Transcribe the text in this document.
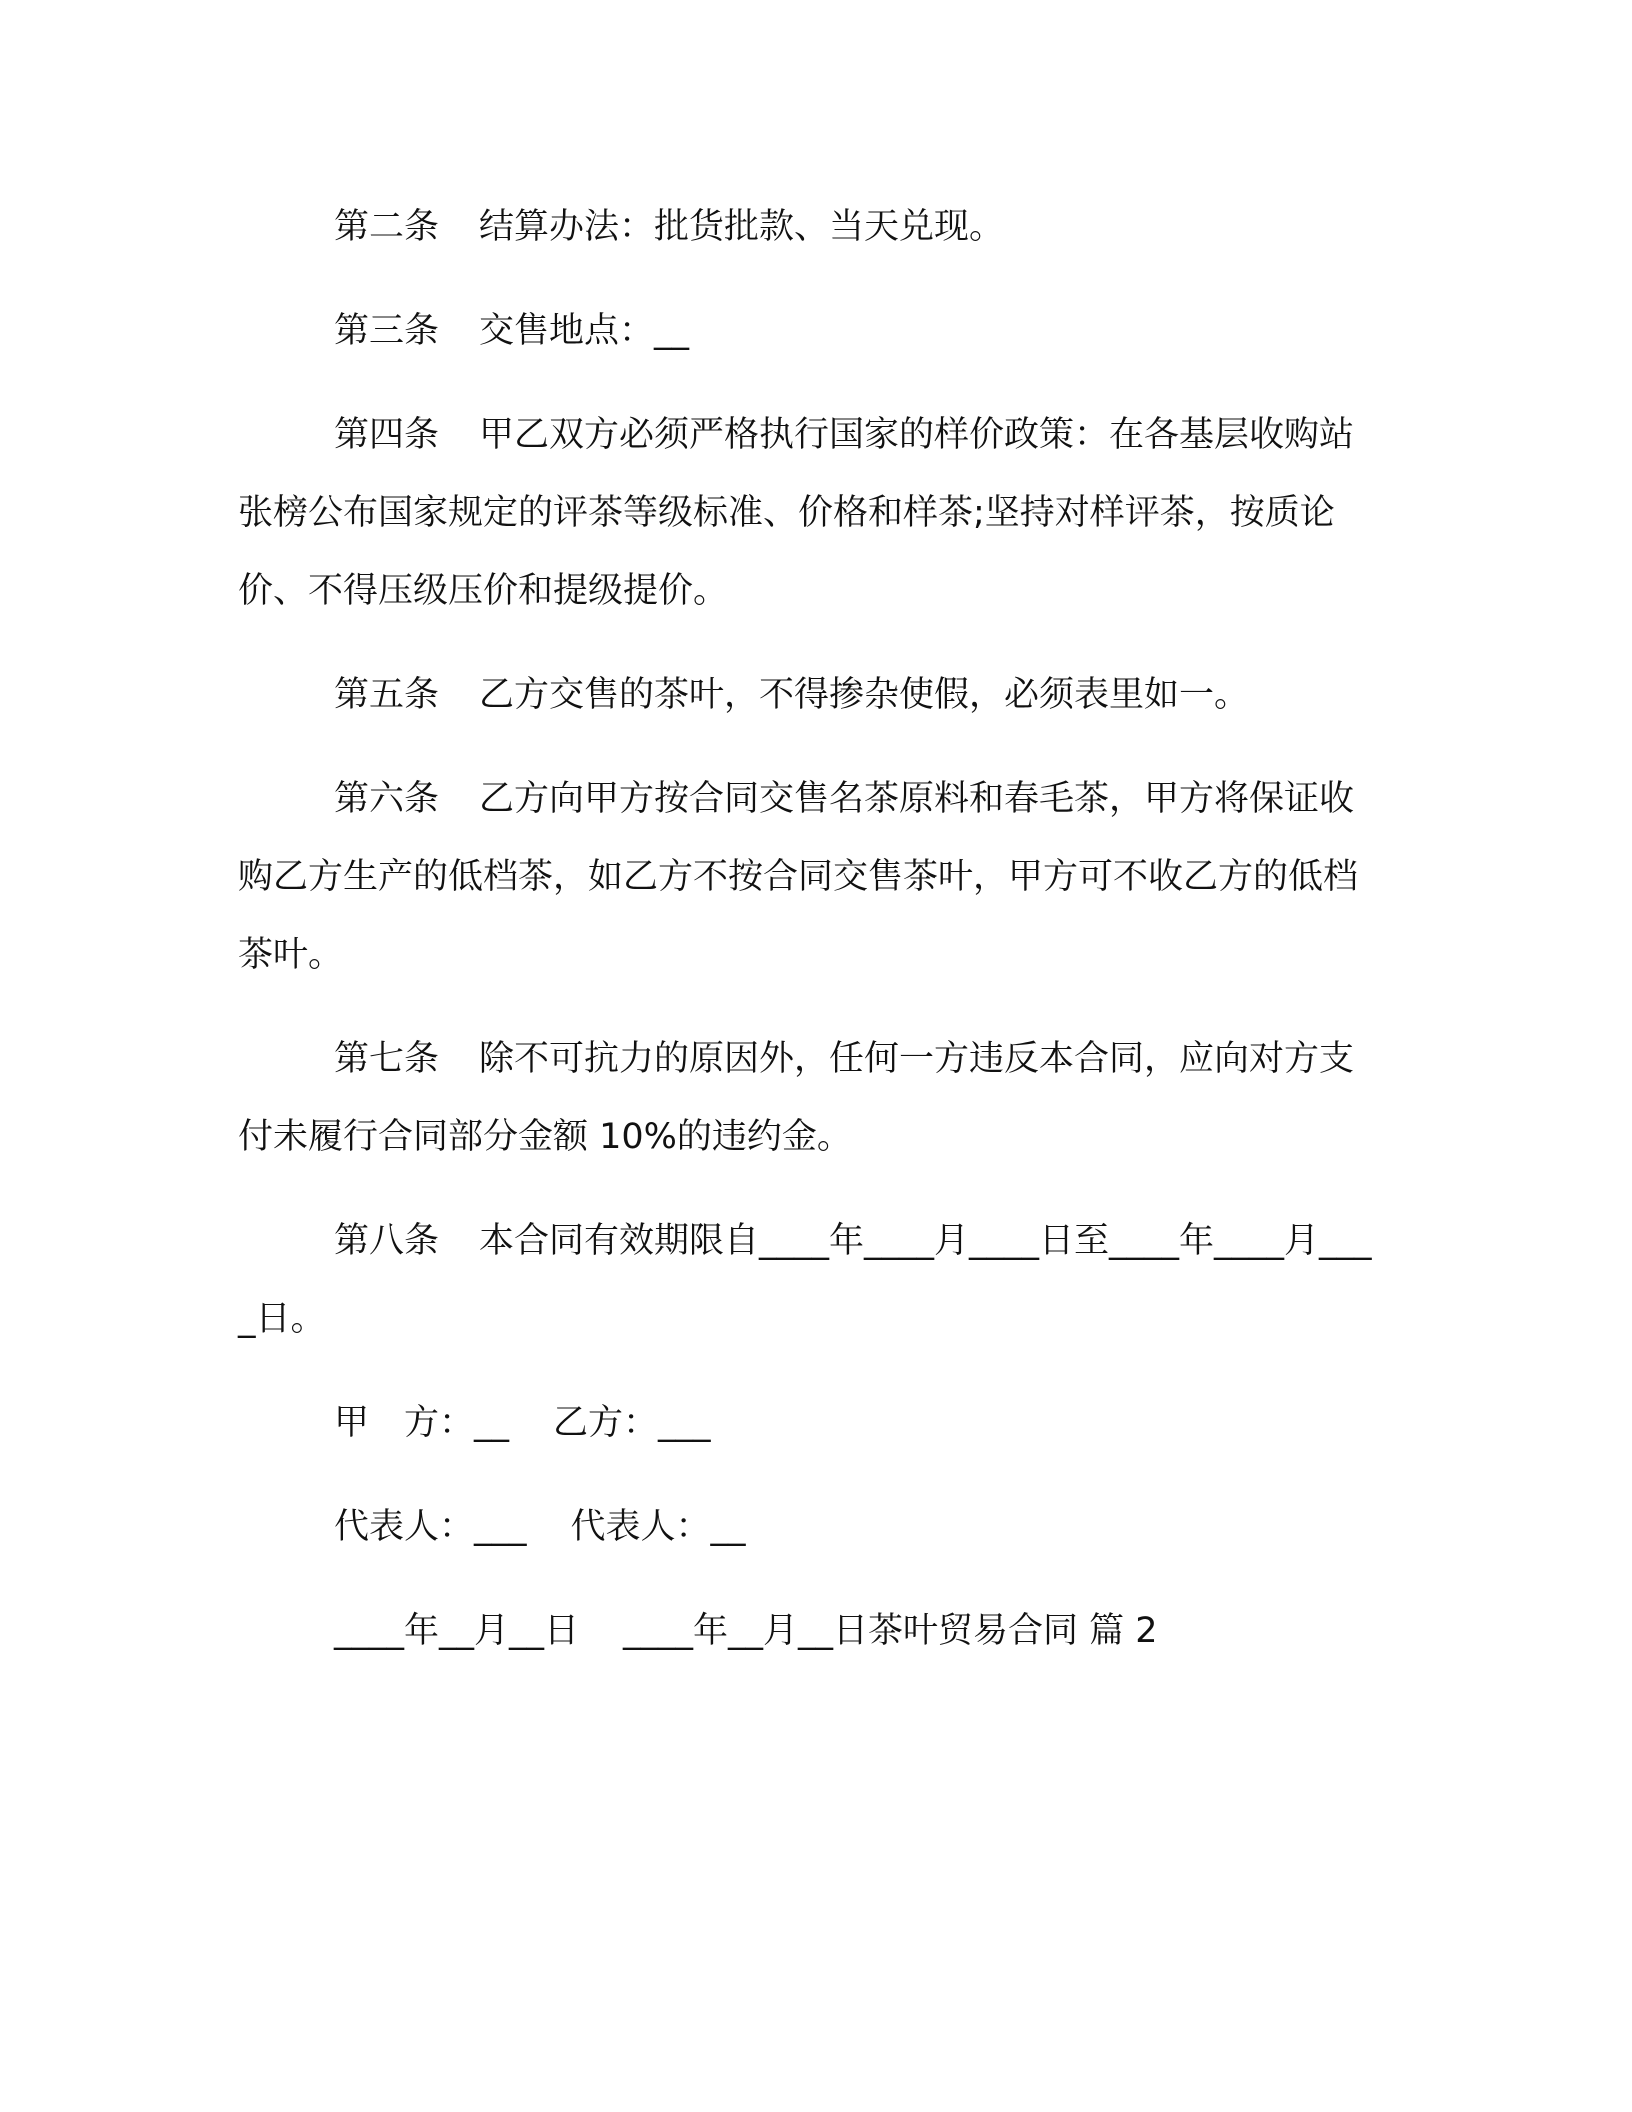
第二条 结算办法：批货批款、当天兑现。

第三条 交售地点：__

第四条 甲乙双方必须严格执行国家的样价政策：在各基层收购站张榜公布国家规定的评茶等级标准、价格和样茶;坚持对样评茶，按质论价、不得压级压价和提级提价。

第五条 乙方交售的茶叶，不得掺杂使假，必须表里如一。

第六条 乙方向甲方按合同交售名茶原料和春毛茶，甲方将保证收购乙方生产的低档茶，如乙方不按合同交售茶叶，甲方可不收乙方的低档茶叶。

第七条 除不可抗力的原因外，任何一方违反本合同，应向对方支付未履行合同部分金额 10%的违约金。

第八条 本合同有效期限自____年____月____日至____年____月____日。

甲　方：__ 乙方：___

代表人：___ 代表人：__

____年__月__日 ____年__月__日茶叶贸易合同 篇 2
